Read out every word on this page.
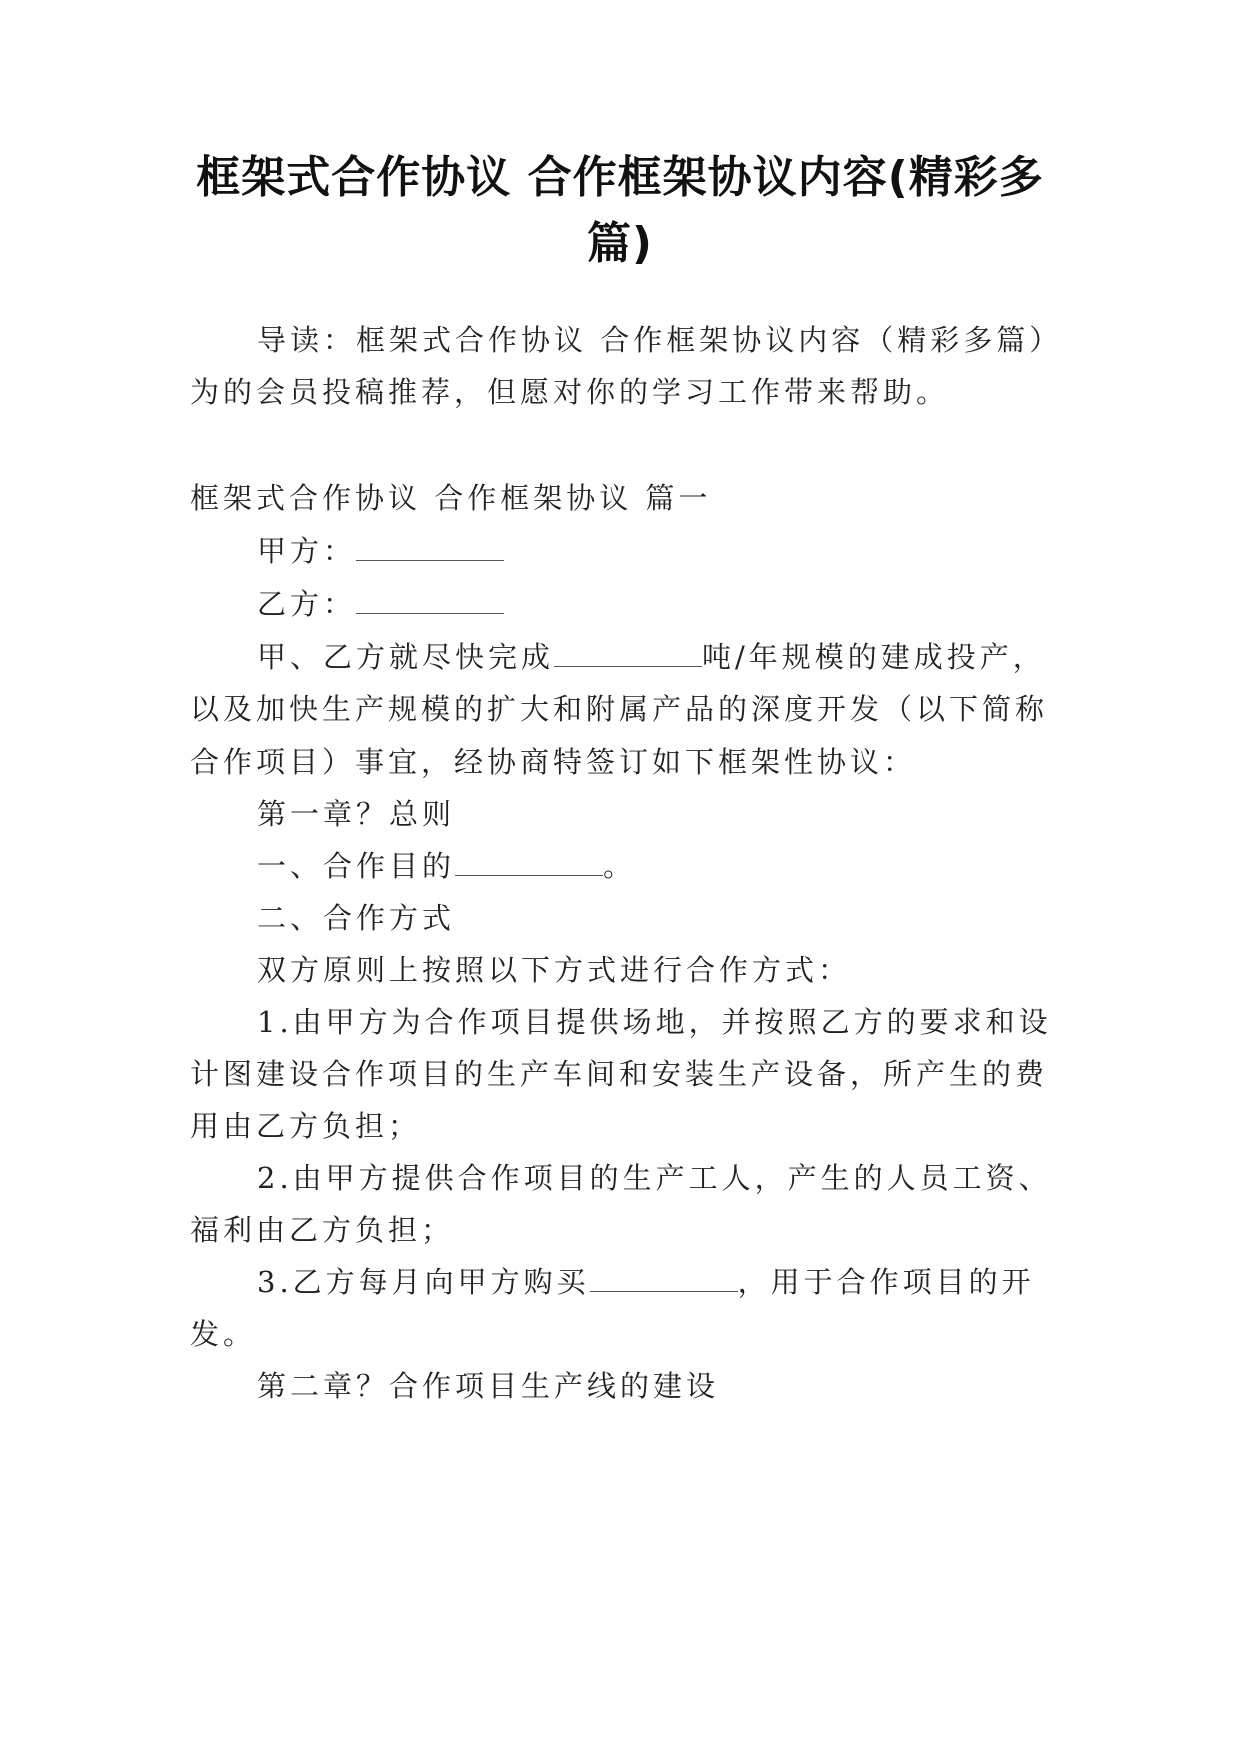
框架式合作协议 合作框架协议内容(精彩多
篇)
导读：框架式合作协议 合作框架协议内容（精彩多篇）
为的会员投稿推荐，但愿对你的学习工作带来帮助。
框架式合作协议 合作框架协议 篇一
甲方：
乙方：
甲、乙方就尽快完成	吨/年规模的建成投产，
以及加快生产规模的扩大和附属产品的深度开发（以下简称
合作项目）事宜，经协商特签订如下框架性协议：
第一章？总则
一、合作目的	。
二、合作方式
双方原则上按照以下方式进行合作方式：
1.由甲方为合作项目提供场地，并按照乙方的要求和设
计图建设合作项目的生产车间和安装生产设备，所产生的费
用由乙方负担；
2.由甲方提供合作项目的生产工人，产生的人员工资、
福利由乙方负担；
3.乙方每月向甲方购买	，用于合作项目的开
发。
第二章？合作项目生产线的建设
